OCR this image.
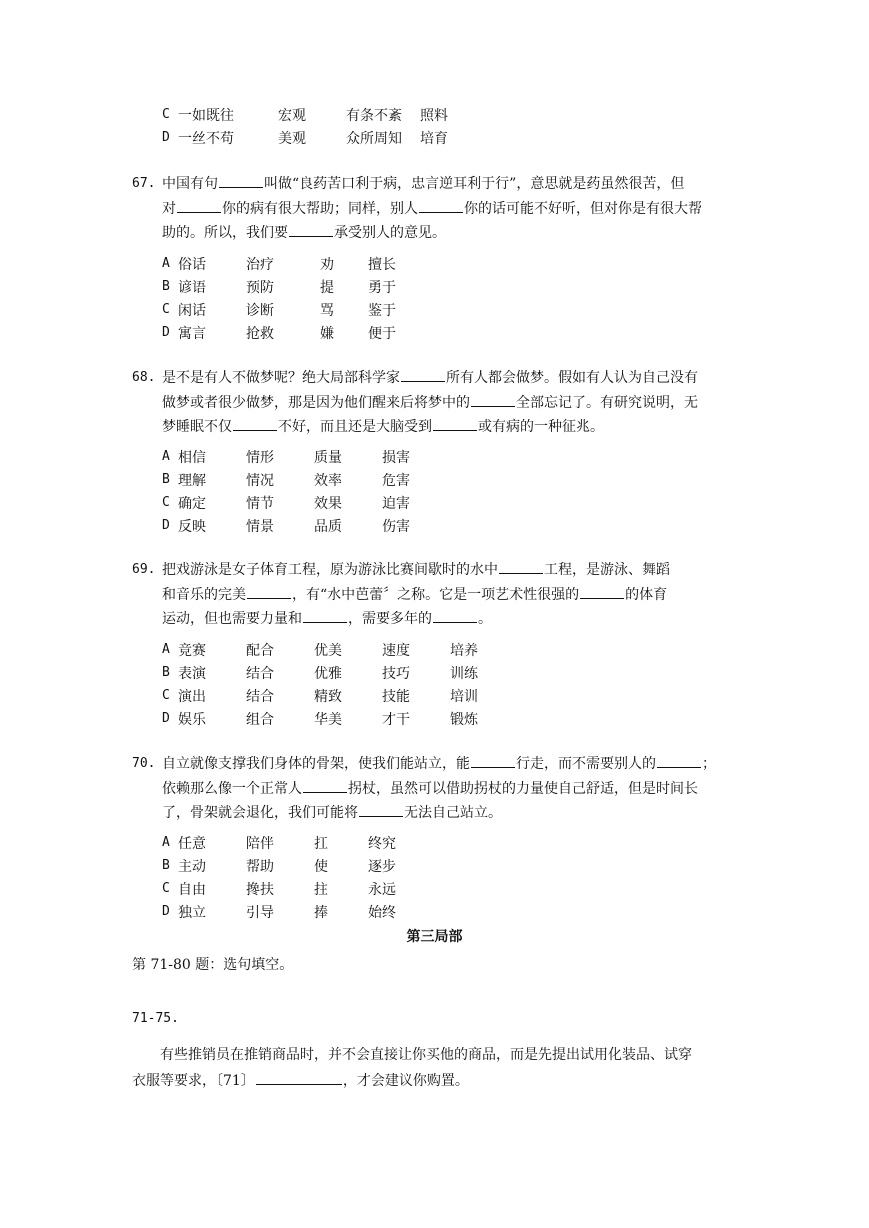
C 一如既往	宏观	有条不紊	照料
D 一丝不苟	美观	众所周知	培育
67. 中国有句	叫做“良药苦口利于病，忠言逆耳利于行”，意思就是药虽然很苦，但
对	你的病有很大帮助；同样，别人	你的话可能不好听，但对你是有很大帮
助的。所以，我们要	承受别人的意见。
A 俗话	治疗	劝	擅长
B 谚语	预防	提	勇于
C 闲话	诊断	骂	鉴于
D 寓言	抢救	嫌	便于
68. 是不是有人不做梦呢？绝大局部科学家	所有人都会做梦。假如有人认为自己没有
做梦或者很少做梦，那是因为他们醒来后将梦中的	全部忘记了。有研究说明，无
梦睡眠不仅	不好，而且还是大脑受到	或有病的一种征兆。
A 相信	情形	质量	损害
B 理解	情况	效率	危害
C 确定	情节	效果	迫害
D 反映	情景	品质	伤害
69. 把戏游泳是女子体育工程，原为游泳比赛间歇时的水中	工程，是游泳、舞蹈
和音乐的完美	，有“水中芭蕾〞之称。它是一项艺术性很强的	的体育
运动，但也需要力量和	，需要多年的	。
A 竞赛	配合	优美	速度	培养
B 表演	结合	优雅	技巧	训练
C 演出	结合	精致	技能	培训
D 娱乐	组合	华美	才干	锻炼
70. 自立就像支撑我们身体的骨架，使我们能站立，能	行走，而不需要别人的	；
依赖那么像一个正常人	拐杖，虽然可以借助拐杖的力量使自己舒适，但是时间长
了，骨架就会退化，我们可能将	无法自己站立。
A 任意	陪伴	扛	终究
B 主动	帮助	使	逐步
C 自由	搀扶	拄	永远
D 独立	引导	捧	始终
第三局部
第 71-80 题：选句填空。
71-75.
有些推销员在推销商品时，并不会直接让你买他的商品，而是先提出试用化装品、试穿
衣服等要求，〔71〕	，才会建议你购置。
